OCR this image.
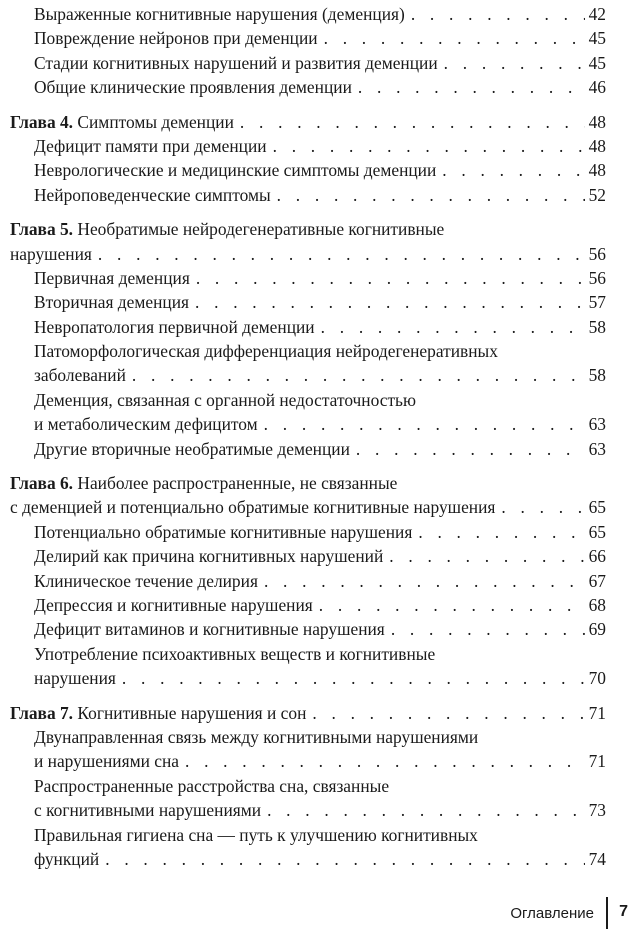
Выраженные когнитивные нарушения (деменция) . . .	42
Повреждение нейронов при деменции . . .	45
Стадии когнитивных нарушений и развития деменции . . .	45
Общие клинические проявления деменции . . .	46
Глава 4. Симптомы деменции . . .	48
Дефицит памяти при деменции . . .	48
Неврологические и медицинские симптомы деменции . . .	48
Нейроповеденческие симптомы . . .	52
Глава 5. Необратимые нейродегенеративные когнитивные
нарушения . . .	56
Первичная деменция . . .	56
Вторичная деменция . . .	57
Невропатология первичной деменции . . .	58
Патоморфологическая дифференциация нейродегенеративных
заболеваний . . .	58
Деменция, связанная с органной недостаточностью
и метаболическим дефицитом . . .	63
Другие вторичные необратимые деменции . . .	63
Глава 6. Наиболее распространенные, не связанные
с деменцией и потенциально обратимые когнитивные нарушения . . .	65
Потенциально обратимые когнитивные нарушения . . .	65
Делирий как причина когнитивных нарушений . . .	66
Клиническое течение делирия . . .	67
Депрессия и когнитивные нарушения . . .	68
Дефицит витаминов и когнитивные нарушения . . .	69
Употребление психоактивных веществ и когнитивные
нарушения . . .	70
Глава 7. Когнитивные нарушения и сон . . .	71
Двунаправленная связь между когнитивными нарушениями
и нарушениями сна . . .	71
Распространенные расстройства сна, связанные
с когнитивными нарушениями . . .	73
Правильная гигиена сна — путь к улучшению когнитивных
функций . . .	74
Оглавление 7
